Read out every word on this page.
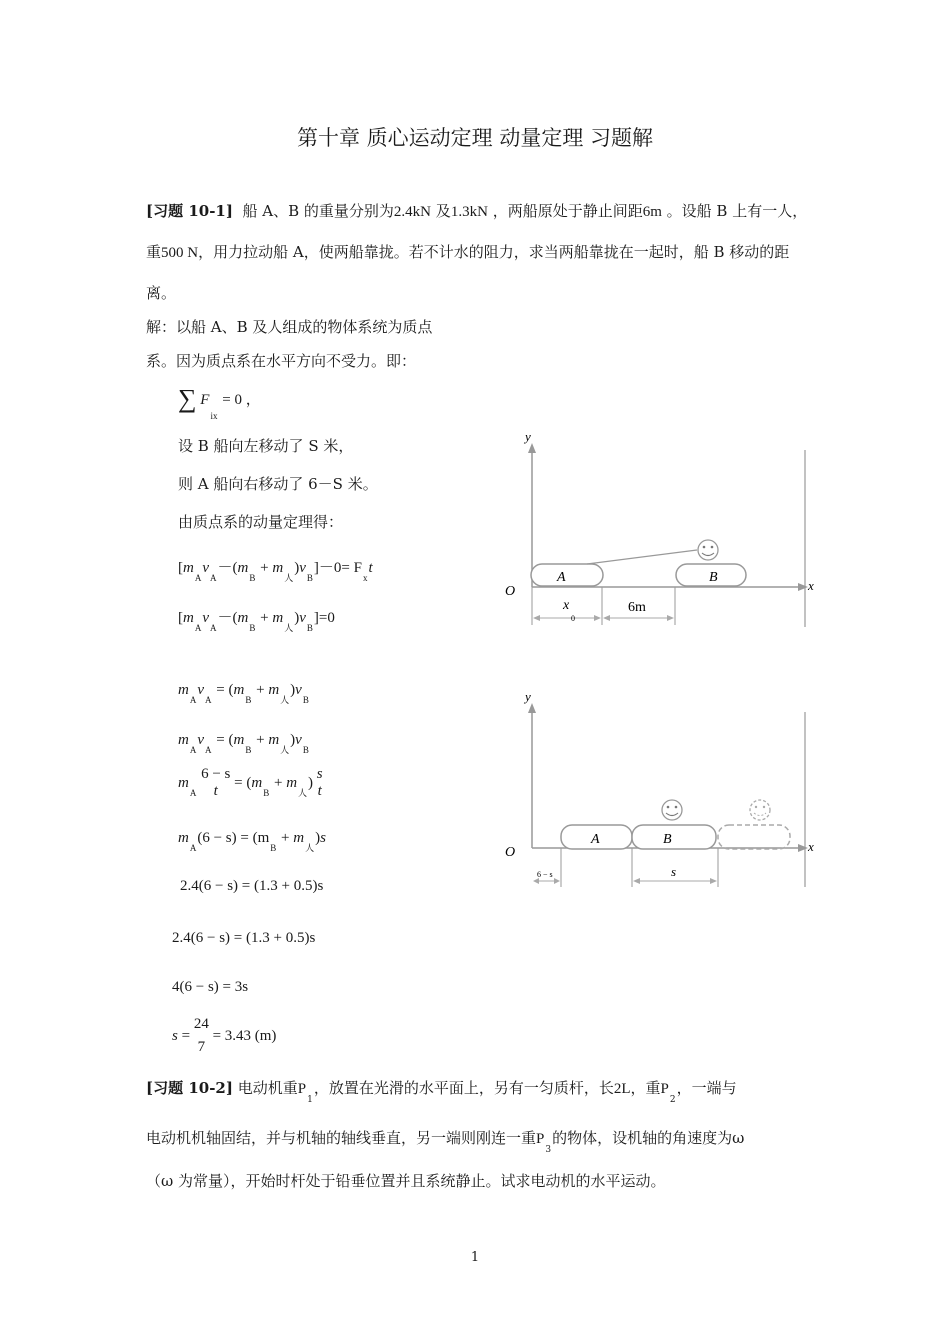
第十章 质心运动定理 动量定理 习题解
[习题 10-1] 船 A、B 的重量分别为2.4kN 及1.3kN ，两船原处于静止间距6m 。设船 B 上有一人，重500 N，用力拉动船 A，使两船靠拢。若不计水的阻力，求当两船靠拢在一起时，船 B 移动的距离。
解：以船 A、B 及人组成的物体系统为质点
系。因为质点系在水平方向不受力。即：
∑ $F_{ix} = 0$ ，
设 B 船向左移动了 S 米，
则 A 船向右移动了 6－S 米。
由质点系的动量定理得：
$[m_Av_A-(m_B + m_人)v_B]-0= F_xt$
$[m_Av_A-(m_B + m_人)v_B]=0$
$m_Av_A = (m_B + m_人)v_B$
$m_Av_A = (m_B + m_人)v_B$
$m_A$
6 − s
t
= $(m_B + m_人)$
s
t
$m_A(6 - s) = (m_B + m_人)s$
2.4(6 − s) = (1.3 + 0.5)s
2.4(6 − s) = (1.3 + 0.5)s
4(6 − s) = 3s
s =
24
7
= 3.43 (m)
y
x
O
A	B
x
0
6m
y
x
O
A	B
6 − s	s
[习题 10-2] 电动机重$P_1$，放置在光滑的水平面上，另有一匀质杆，长2L，重$P_2$，一端与
电动机机轴固结，并与机轴的轴线垂直，另一端则刚连一重$P_3$的物体，设机轴的角速度为ω
（ω 为常量），开始时杆处于铅垂位置并且系统静止。试求电动机的水平运动。
1
